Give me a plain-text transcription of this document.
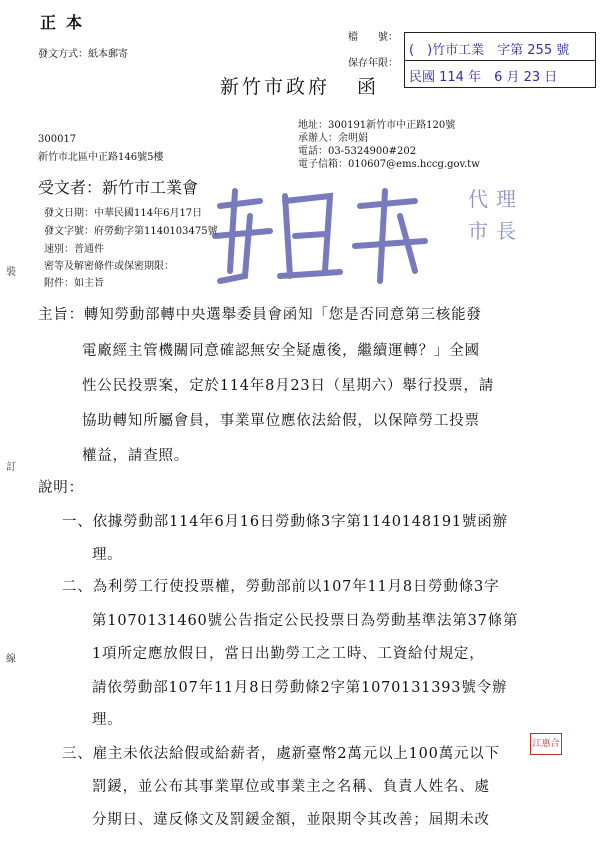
正本
發文方式：紙本郵寄
檔　　號：
保存年限：
(　)竹市工業　字第 255 號
民國 114 年　6 月 23 日
新竹市政府 函
地址：300191新竹市中正路120號
承辦人：余明娟
電話：03-5324900#202
電子信箱：010607@ems.hccg.gov.tw
300017
新竹市北區中正路146號5樓
受文者：新竹市工業會
發文日期：中華民國114年6月17日
發文字號：府勞動字第1140103475號
速別：普通件
密等及解密條件或保密期限：
附件：如主旨
代 理
市 長
裝
訂
線
主旨：轉知勞動部轉中央選舉委員會函知「您是否同意第三核能發
電廠經主管機關同意確認無安全疑慮後，繼續運轉？」全國
性公民投票案，定於114年8月23日（星期六）舉行投票，請
協助轉知所屬會員，事業單位應依法給假，以保障勞工投票
權益，請查照。
說明：
一、依據勞動部114年6月16日勞動條3字第1140148191號函辦
理。
二、為利勞工行使投票權，勞動部前以107年11月8日勞動條3字
第1070131460號公告指定公民投票日為勞動基準法第37條第
1項所定應放假日，當日出勤勞工之工時、工資給付規定，
請依勞動部107年11月8日勞動條2字第1070131393號令辦
理。
三、雇主未依法給假或給薪者，處新臺幣2萬元以上100萬元以下
罰鍰，並公布其事業單位或事業主之名稱、負責人姓名、處
分期日、違反條文及罰鍰金額，並限期令其改善；屆期未改
江惠合
